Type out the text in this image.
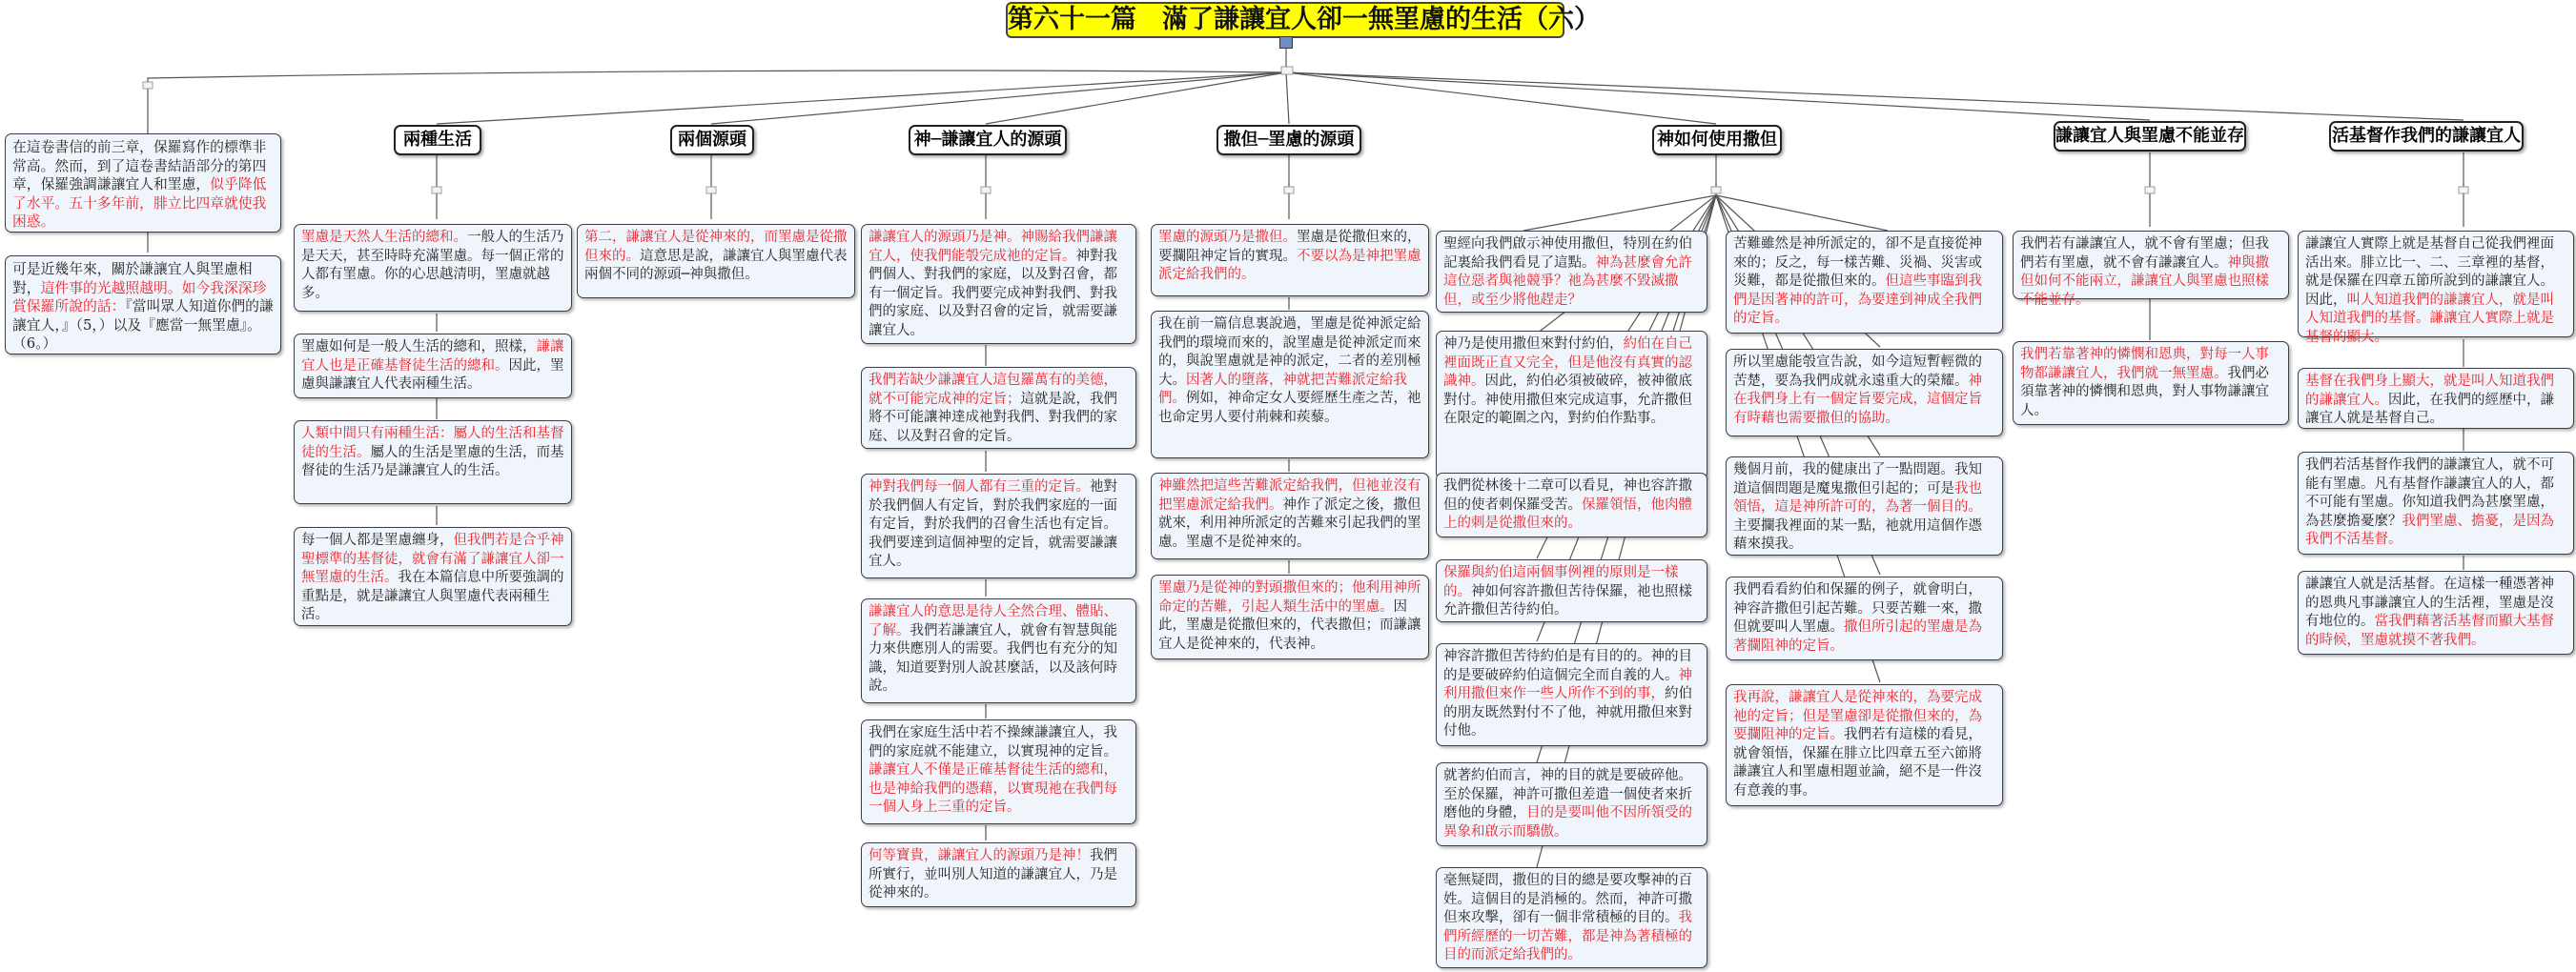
第六十一篇　滿了謙讓宜人卻一無罣慮的生活（六）
兩種生活	兩個源頭	神─謙讓宜人的源頭	撒但─罣慮的源頭	神如何使用撒但	謙讓宜人與罣慮不能並存	活基督作我們的謙讓宜人
在這卷書信的前三章，保羅寫作的標準非常高。然而，到了這卷書結語部分的第四章，保羅強調謙讓宜人和罣慮，似乎降低了水平。五十多年前，腓立比四章就使我困惑。
可是近幾年來，關於謙讓宜人與罣慮相對，這件事的光越照越明。如今我深深珍賞保羅所說的話：『當叫眾人知道你們的謙讓宜人，』（5，）以及『應當一無罣慮』。（6。）
罣慮是天然人生活的總和。一般人的生活乃是天天，甚至時時充滿罣慮。每一個正常的人都有罣慮。你的心思越清明，罣慮就越多。
罣慮如何是一般人生活的總和，照樣，謙讓宜人也是正確基督徒生活的總和。因此，罣慮與謙讓宜人代表兩種生活。
人類中間只有兩種生活：屬人的生活和基督徒的生活。屬人的生活是罣慮的生活，而基督徒的生活乃是謙讓宜人的生活。
每一個人都是罣慮纏身，但我們若是合乎神聖標準的基督徒，就會有滿了謙讓宜人卻一無罣慮的生活。我在本篇信息中所要強調的重點是，就是謙讓宜人與罣慮代表兩種生活。
第二，謙讓宜人是從神來的，而罣慮是從撒但來的。這意思是說，謙讓宜人與罣慮代表兩個不同的源頭─神與撒但。
謙讓宜人的源頭乃是神。神賜給我們謙讓宜人，使我們能彀完成祂的定旨。神對我們個人、對我們的家庭，以及對召會，都有一個定旨。我們要完成神對我們、對我們的家庭、以及對召會的定旨，就需要謙讓宜人。
我們若缺少謙讓宜人這包羅萬有的美德，就不可能完成神的定旨；這就是說，我們將不可能讓神達成祂對我們、對我們的家庭、以及對召會的定旨。
神對我們每一個人都有三重的定旨。祂對於我們個人有定旨，對於我們家庭的一面有定旨，對於我們的召會生活也有定旨。我們要達到這個神聖的定旨，就需要謙讓宜人。
謙讓宜人的意思是待人全然合理、體貼、了解。我們若謙讓宜人，就會有智慧與能力來供應別人的需要。我們也有充分的知識，知道要對別人說甚麼話，以及該何時說。
我們在家庭生活中若不操練謙讓宜人，我們的家庭就不能建立，以實現神的定旨。謙讓宜人不僅是正確基督徒生活的總和，也是神給我們的憑藉，以實現祂在我們每一個人身上三重的定旨。
何等寶貴，謙讓宜人的源頭乃是神！我們所實行，並叫別人知道的謙讓宜人，乃是從神來的。
罣慮的源頭乃是撒但。罣慮是從撒但來的，要攔阻神定旨的實現。不要以為是神把罣慮派定給我們的。
我在前一篇信息裏說過，罣慮是從神派定給我們的環境而來的，說罣慮是從神派定而來的，與說罣慮就是神的派定，二者的差別極大。因著人的墮落，神就把苦難派定給我們。例如，神命定女人要經歷生產之苦，祂也命定男人要付荊棘和蒺藜。
神雖然把這些苦難派定給我們，但祂並沒有把罣慮派定給我們。神作了派定之後，撒但就來，利用神所派定的苦難來引起我們的罣慮。罣慮不是從神來的。
罣慮乃是從神的對頭撒但來的；他利用神所命定的苦難，引起人類生活中的罣慮。因此，罣慮是從撒但來的，代表撒但；而謙讓宜人是從神來的，代表神。
聖經向我們啟示神使用撒但，特別在約伯記裏給我們看見了這點。神為甚麼會允許這位惡者與祂競爭？祂為甚麼不毀滅撒但，或至少將他趕走？
神乃是使用撒但來對付約伯，約伯在自己裡面既正直又完全，但是他沒有真實的認識神。因此，約伯必須被破碎，被神徹底對付。神使用撒但來完成這事，允許撒但在限定的範圍之內，對約伯作點事。
我們從林後十二章可以看見，神也容許撒但的使者刺保羅受苦。保羅領悟，他肉體上的刺是從撒但來的。
保羅與約伯這兩個事例裡的原則是一樣的。神如何容許撒但苦待保羅，祂也照樣允許撒但苦待約伯。
神容許撒但苦待約伯是有目的的。神的目的是要破碎約伯這個完全而自義的人。神利用撒但來作一些人所作不到的事，約伯的朋友既然對付不了他，神就用撒但來對付他。
就著約伯而言，神的目的就是要破碎他。至於保羅，神許可撒但差遣一個使者來折磨他的身體，目的是要叫他不因所領受的異象和啟示而驕傲。
毫無疑問，撒但的目的總是要攻擊神的百姓。這個目的是消極的。然而，神許可撒但來攻擊，卻有一個非常積極的目的。我們所經歷的一切苦難，都是神為著積極的目的而派定給我們的。
苦難雖然是神所派定的，卻不是直接從神來的；反之，每一樣苦難、災禍、災害或災難，都是從撒但來的。但這些事臨到我們是因著神的許可，為要達到神成全我們的定旨。
所以罣慮能彀宣告說，如今這短暫輕微的苦楚，要為我們成就永遠重大的榮耀。神在我們身上有一個定旨要完成，這個定旨有時藉也需要撒但的協助。
幾個月前，我的健康出了一點問題。我知道這個問題是魔鬼撒但引起的；可是我也領悟，這是神所許可的，為著一個目的。主要攔我裡面的某一點，祂就用這個作憑藉來摸我。
我們看看約伯和保羅的例子，就會明白，神容許撒但引起苦難。只要苦難一來，撒但就要叫人罣慮。撒但所引起的罣慮是為著攔阻神的定旨。
我再說，謙讓宜人是從神來的，為要完成祂的定旨；但是罣慮卻是從撒但來的，為要攔阻神的定旨。我們若有這樣的看見，就會領悟，保羅在腓立比四章五至六節將謙讓宜人和罣慮相題並論，絕不是一件沒有意義的事。
我們若有謙讓宜人，就不會有罣慮；但我們若有罣慮，就不會有謙讓宜人。神與撒但如何不能兩立，謙讓宜人與罣慮也照樣不能並存。
我們若靠著神的憐憫和恩典，對每一人事物都謙讓宜人，我們就一無罣慮。我們必須靠著神的憐憫和恩典，對人事物謙讓宜人。
謙讓宜人實際上就是基督自己從我們裡面活出來。腓立比一、二、三章裡的基督，就是保羅在四章五節所說到的謙讓宜人。因此，叫人知道我們的謙讓宜人，就是叫人知道我們的基督。謙讓宜人實際上就是基督的顯大。
基督在我們身上顯大，就是叫人知道我們的謙讓宜人。因此，在我們的經歷中，謙讓宜人就是基督自己。
我們若活基督作我們的謙讓宜人，就不可能有罣慮。凡有基督作謙讓宜人的人，都不可能有罣慮。你知道我們為甚麼罣慮，為甚麼擔憂麼？我們罣慮、擔憂，是因為我們不活基督。
謙讓宜人就是活基督。在這樣一種憑著神的恩典凡事謙讓宜人的生活裡，罣慮是沒有地位的。當我們藉著活基督而顯大基督的時候，罣慮就摸不著我們。
